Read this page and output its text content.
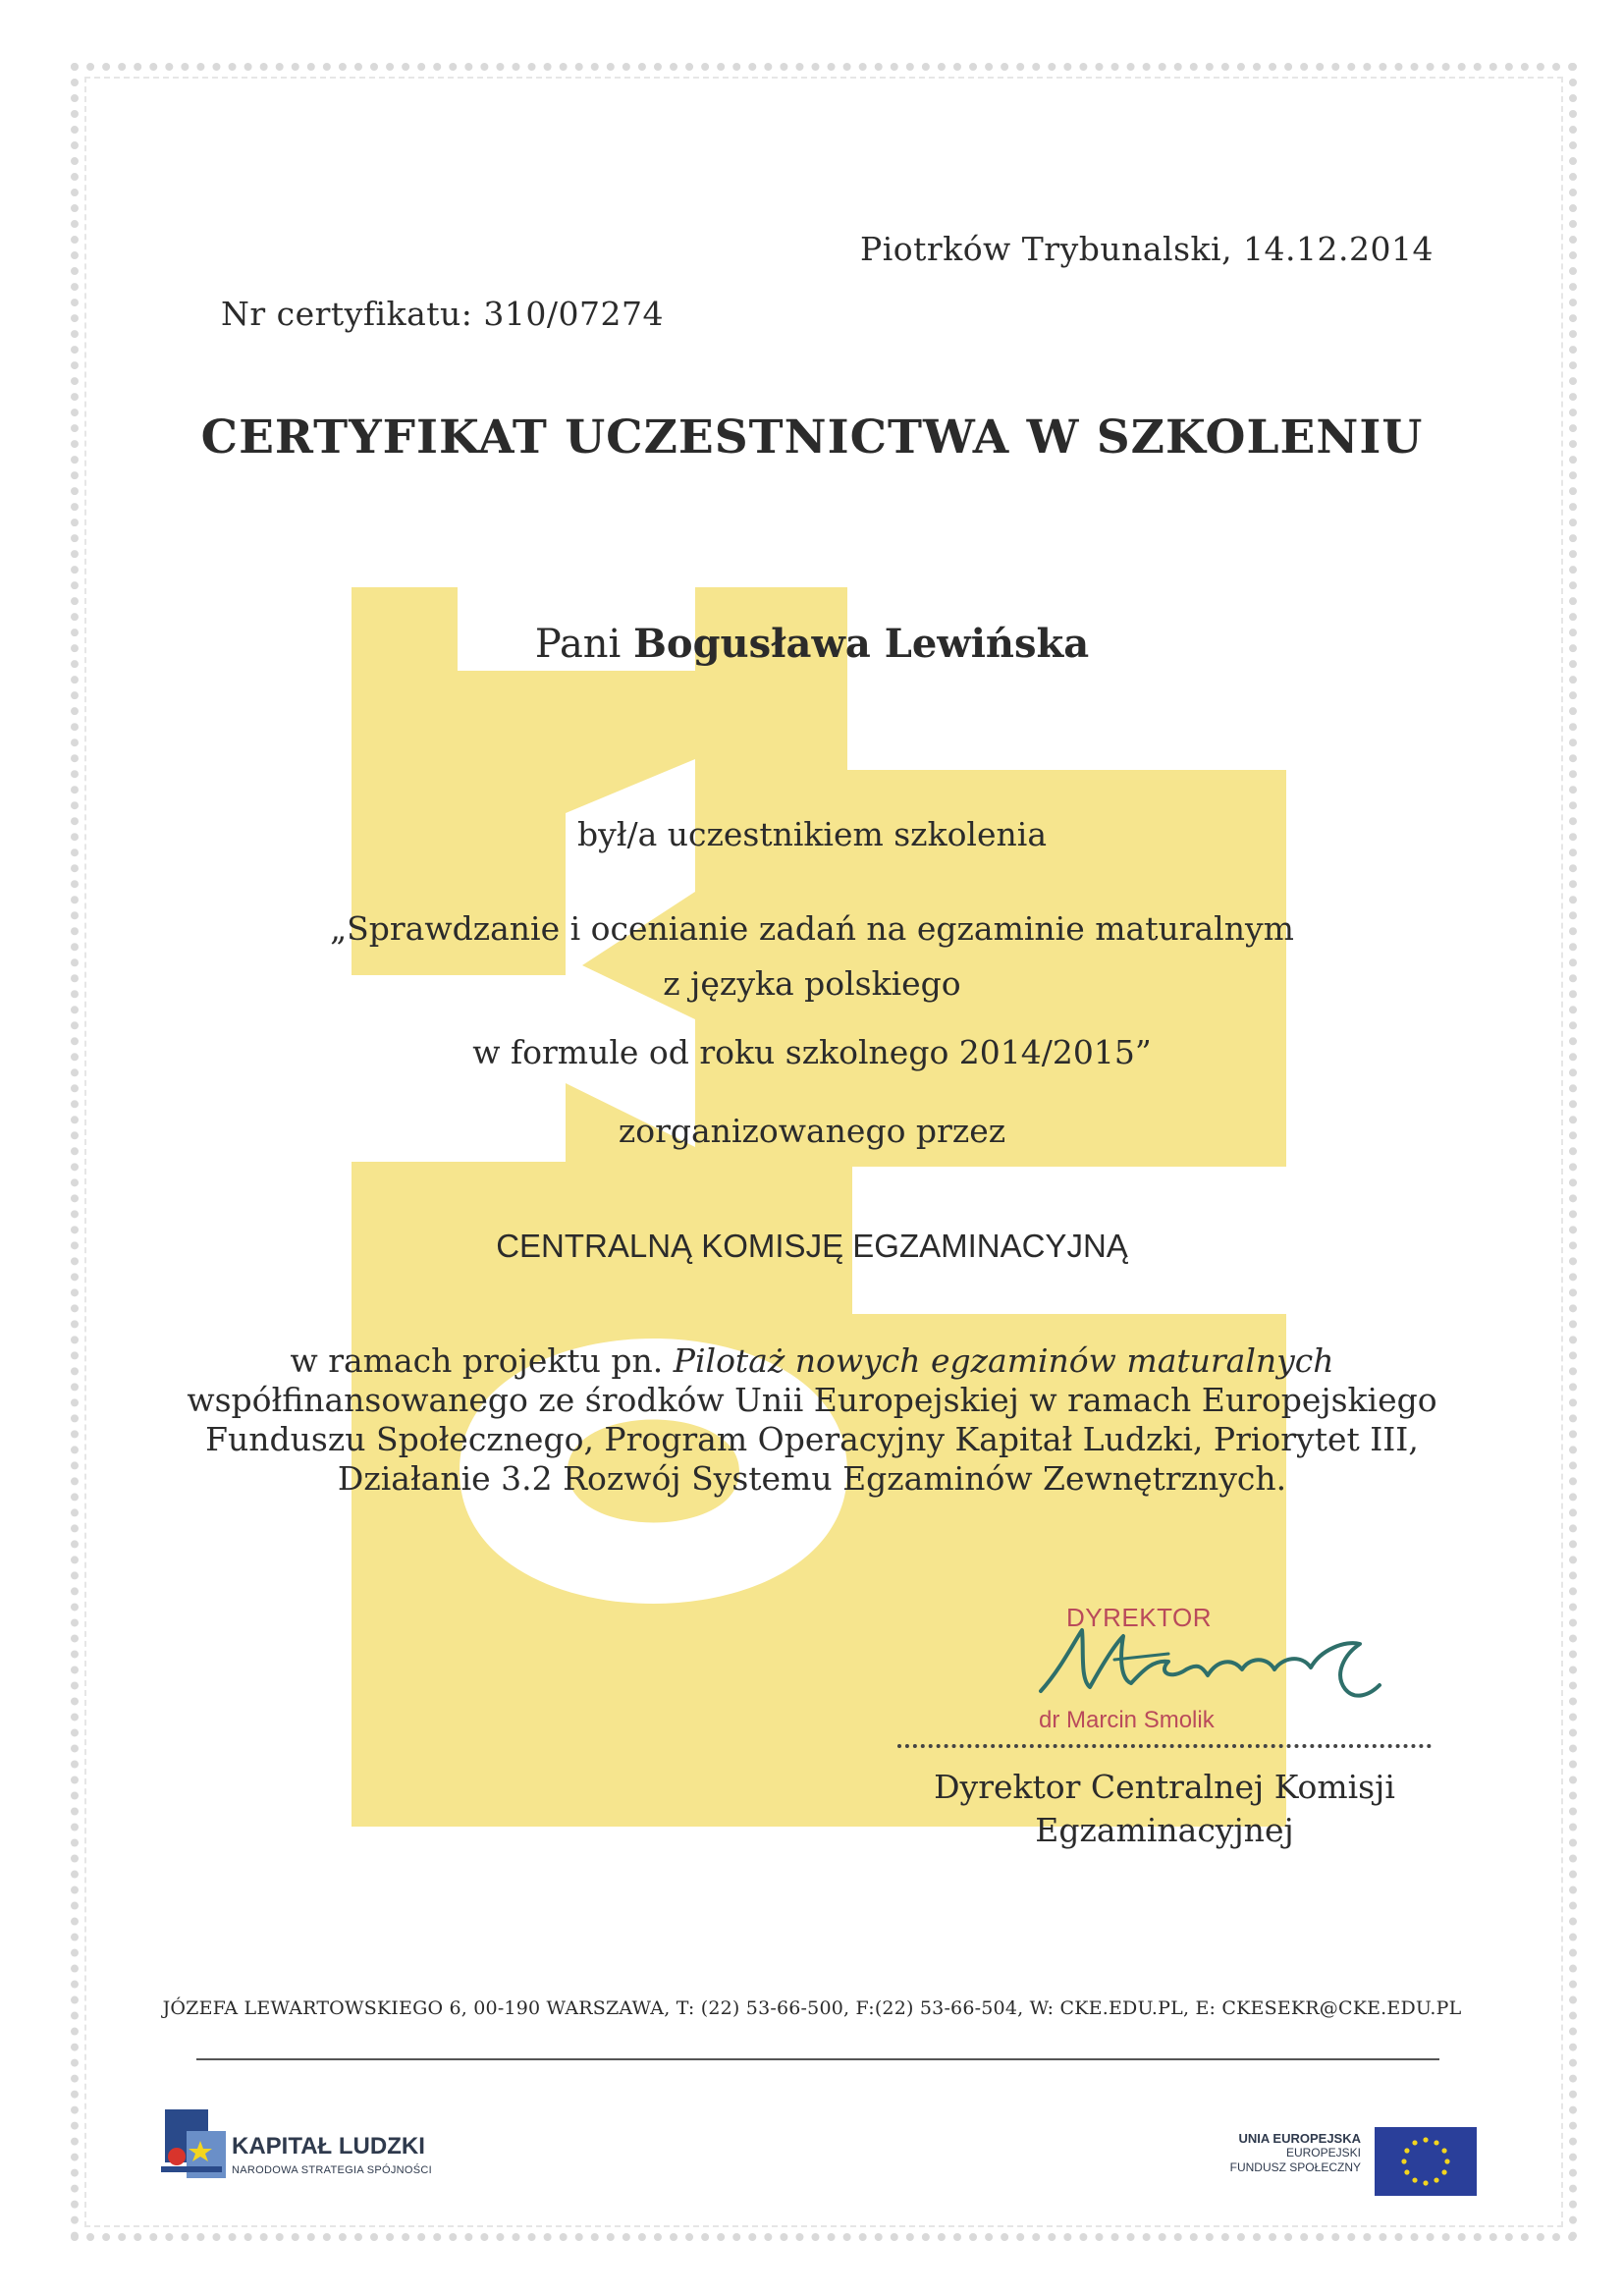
Piotrków Trybunalski, 14.12.2014
Nr certyfikatu: 310/07274
CERTYFIKAT UCZESTNICTWA W SZKOLENIU
Pani Bogusława Lewińska
był/a uczestnikiem szkolenia
„Sprawdzanie i ocenianie zadań na egzaminie maturalnym
z języka polskiego
w formule od roku szkolnego 2014/2015”
zorganizowanego przez
CENTRALNĄ KOMISJĘ EGZAMINACYJNĄ
w ramach projektu pn. Pilotaż nowych egzaminów maturalnych
współfinansowanego ze środków Unii Europejskiej w ramach Europejskiego
Funduszu Społecznego, Program Operacyjny Kapitał Ludzki, Priorytet III,
Działanie 3.2 Rozwój Systemu Egzaminów Zewnętrznych.
DYREKTOR
dr Marcin Smolik
Dyrektor Centralnej Komisji
Egzaminacyjnej
JÓZEFA LEWARTOWSKIEGO 6, 00-190 WARSZAWA, T: (22) 53-66-500, F:(22) 53-66-504, W: CKE.EDU.PL, E: CKESEKR@CKE.EDU.PL
KAPITAŁ LUDZKI
NARODOWA STRATEGIA SPÓJNOŚCI
UNIA EUROPEJSKA
EUROPEJSKI
FUNDUSZ SPOŁECZNY
